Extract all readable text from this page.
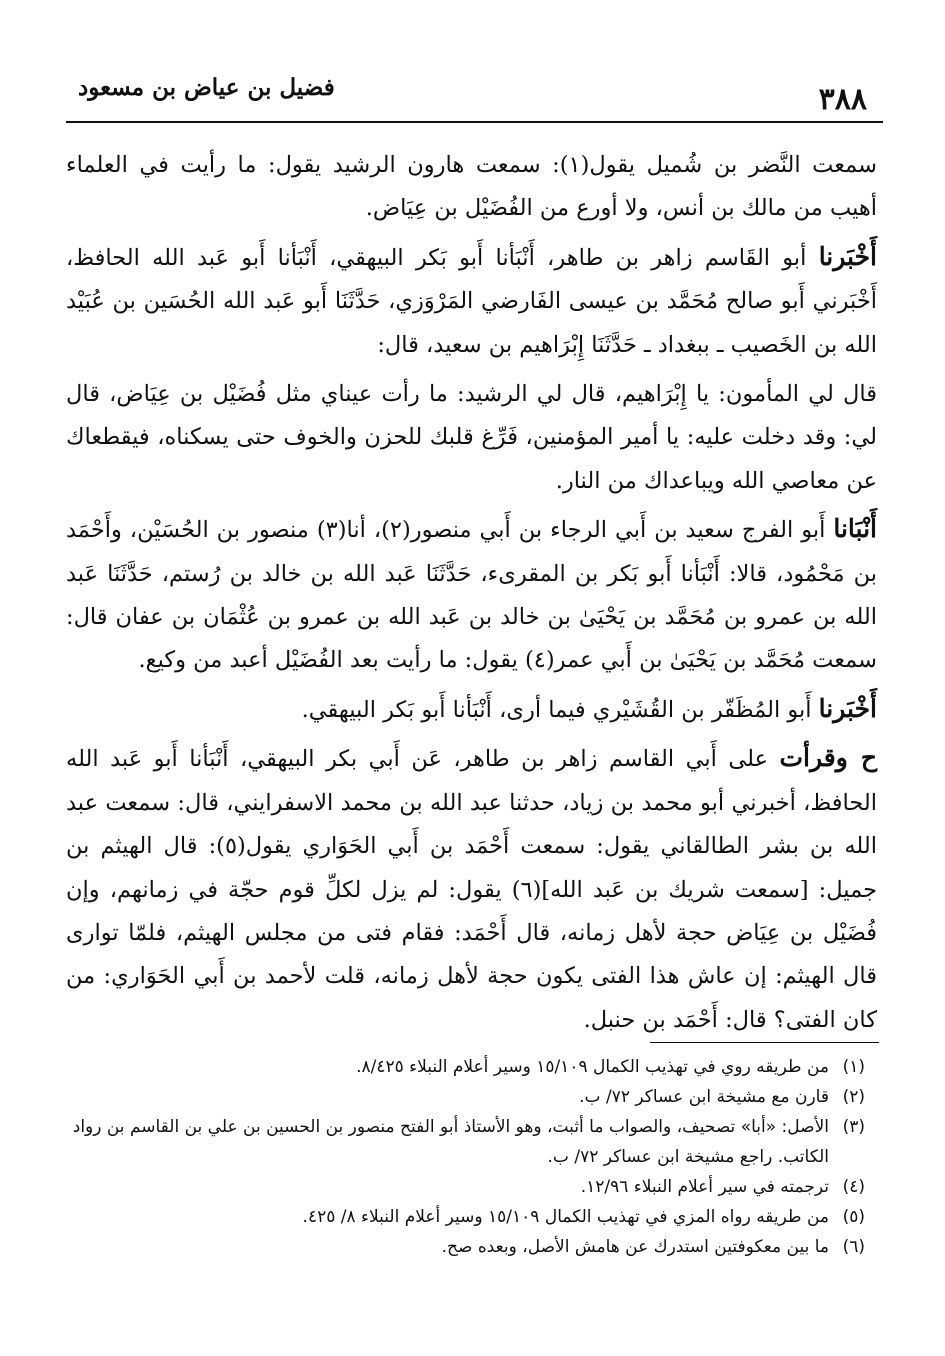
٣٨٨
فضيل بن عياض بن مسعود

سمعت النَّضر بن شُميل يقول(١): سمعت هارون الرشيد يقول: ما رأيت في العلماء أهيب من مالك بن أنس، ولا أورع من الفُضَيْل بن عِيَاض.

أَخْبَرنا أبو القَاسم زاهر بن طاهر، أَنْبَأنا أَبو بَكر البيهقي، أَنْبَأنا أَبو عَبد الله الحافظ، أَخْبَرني أَبو صالح مُحَمَّد بن عيسى الفَارضي المَرْوَزي، حَدَّثَنَا أَبو عَبد الله الحُسَين بن عُبَيْد الله بن الخَصيب ـ ببغداد ـ حَدَّثَنَا إِبْرَاهيم بن سعيد، قال:

قال لي المأمون: يا إِبْرَاهيم، قال لي الرشيد: ما رأت عيناي مثل فُضَيْل بن عِيَاض، قال لي: وقد دخلت عليه: يا أمير المؤمنين، فَرِّغ قلبك للحزن والخوف حتى يسكناه، فيقطعاك عن معاصي الله ويباعداك من النار.

أَنْبَانا أَبو الفرج سعيد بن أَبي الرجاء بن أَبي منصور(٢)، أنا(٣) منصور بن الحُسَيْن، وأَحْمَد بن مَحْمُود، قالا: أَنْبَأنا أَبو بَكر بن المقرىء، حَدَّثَنَا عَبد الله بن خالد بن رُستم، حَدَّثَنَا عَبد الله بن عمرو بن مُحَمَّد بن يَحْيَىٰ بن خالد بن عَبد الله بن عمرو بن عُثْمَان بن عفان قال: سمعت مُحَمَّد بن يَحْيَىٰ بن أَبي عمر(٤) يقول: ما رأيت بعد الفُضَيْل أعبد من وكيع.

أَخْبَرنا أَبو المُظَفّر بن القُشَيْري فيما أرى، أَنْبَأنا أَبو بَكر البيهقي.

ح وقرأت على أَبي القاسم زاهر بن طاهر، عَن أَبي بكر البيهقي، أَنْبَأنا أَبو عَبد الله الحافظ، أخبرني أبو محمد بن زياد، حدثنا عبد الله بن محمد الاسفرايني، قال: سمعت عبد الله بن بشر الطالقاني يقول: سمعت أَحْمَد بن أَبي الحَوَاري يقول(٥): قال الهيثم بن جميل: [سمعت شريك بن عَبد الله](٦) يقول: لم يزل لكلِّ قوم حجّة في زمانهم، وإن فُضَيْل بن عِيَاض حجة لأهل زمانه، قال أَحْمَد: فقام فتى من مجلس الهيثم، فلمّا توارى قال الهيثم: إن عاش هذا الفتى يكون حجة لأهل زمانه، قلت لأحمد بن أَبي الحَوَاري: من كان الفتى؟ قال: أَحْمَد بن حنبل.

(١)
من طريقه روي في تهذيب الكمال ١٥/١٠٩ وسير أعلام النبلاء ٨/٤٢٥.

(٢)
قارن مع مشيخة ابن عساكر ٧٢/ ب.

(٣)
الأصل: «أبا» تصحيف، والصواب ما أثبت، وهو الأستاذ أبو الفتح منصور بن الحسين بن علي بن القاسم بن رواد الكاتب. راجع مشيخة ابن عساكر ٧٢/ ب.

(٤)
ترجمته في سير أعلام النبلاء ١٢/٩٦.

(٥)
من طريقه رواه المزي في تهذيب الكمال ١٥/١٠٩ وسير أعلام النبلاء ٨/ ٤٢٥.

(٦)
ما بين معكوفتين استدرك عن هامش الأصل، وبعده صح.
